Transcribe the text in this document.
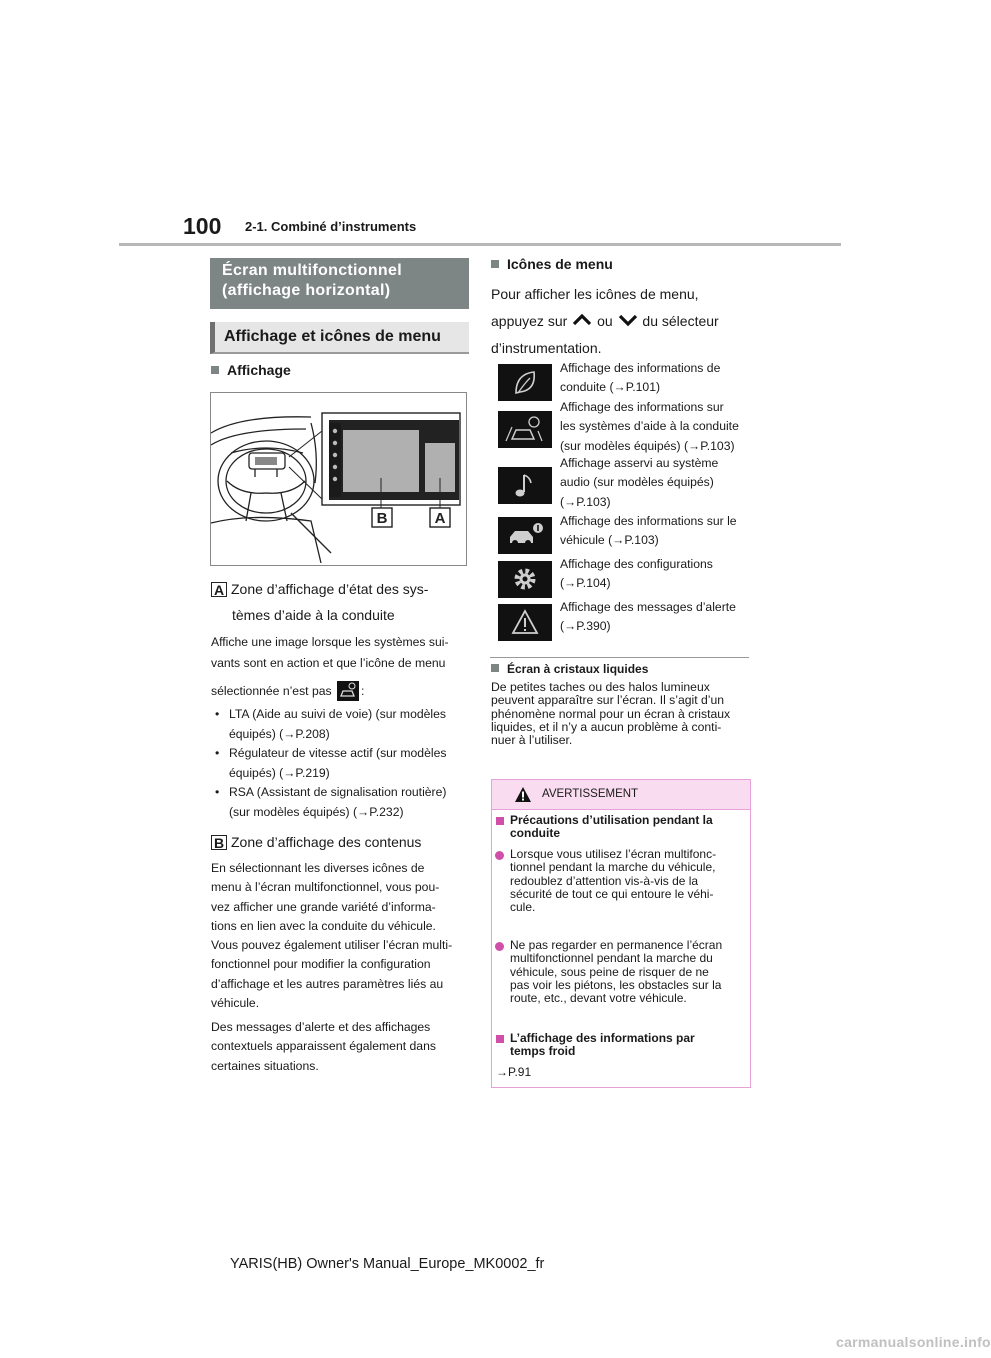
100 2-1. Combiné d’instruments
Écran multifonctionnel
(affichage horizontal)
Affichage et icônes de menu
Affichage
B	A
A Zone d’affichage d’état des sys-
tèmes d’aide à la conduite
Affiche une image lorsque les systèmes sui-
vants sont en action et que l’icône de menu
sélectionnée n’est pas :
• LTA (Aide au suivi de voie) (sur modèles
équipés) (→P.208)
• Régulateur de vitesse actif (sur modèles
équipés) (→P.219)
• RSA (Assistant de signalisation routière)
(sur modèles équipés) (→P.232)
B Zone d’affichage des contenus
En sélectionnant les diverses icônes de
menu à l’écran multifonctionnel, vous pou-
vez afficher une grande variété d’informa-
tions en lien avec la conduite du véhicule.
Vous pouvez également utiliser l’écran multi-
fonctionnel pour modifier la configuration
d’affichage et les autres paramètres liés au
véhicule.
Des messages d’alerte et des affichages
contextuels apparaissent également dans
certaines situations.
Icônes de menu
Pour afficher les icônes de menu,
appuyez sur ou du sélecteur
d’instrumentation.
Affichage des informations de
conduite (→P.101)
Affichage des informations sur
les systèmes d’aide à la conduite
(sur modèles équipés) (→P.103)
Affichage asservi au système
audio (sur modèles équipés)
(→P.103)
Affichage des informations sur le
véhicule (→P.103)
Affichage des configurations
(→P.104)
Affichage des messages d’alerte
(→P.390)
Écran à cristaux liquides
De petites taches ou des halos lumineux
peuvent apparaître sur l’écran. Il s’agit d’un
phénomène normal pour un écran à cristaux
liquides, et il n’y a aucun problème à conti-
nuer à l’utiliser.
AVERTISSEMENT
Précautions d’utilisation pendant la
conduite
Lorsque vous utilisez l’écran multifonc-
tionnel pendant la marche du véhicule,
redoublez d’attention vis-à-vis de la
sécurité de tout ce qui entoure le véhi-
cule.
Ne pas regarder en permanence l’écran
multifonctionnel pendant la marche du
véhicule, sous peine de risquer de ne
pas voir les piétons, les obstacles sur la
route, etc., devant votre véhicule.
L’affichage des informations par
temps froid
→P.91
YARIS(HB) Owner's Manual_Europe_MK0002_fr
carmanualsonline.info
